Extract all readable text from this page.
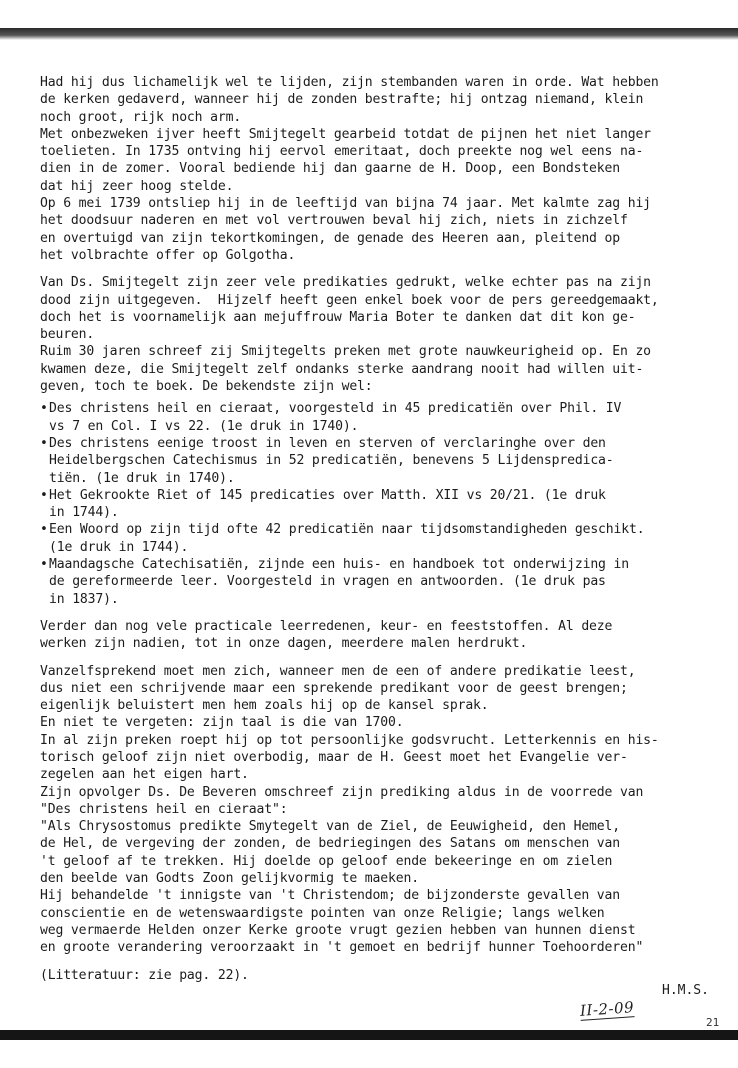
Had hij dus lichamelijk wel te lijden, zijn stembanden waren in orde. Wat hebben
de kerken gedaverd, wanneer hij de zonden bestrafte; hij ontzag niemand, klein
noch groot, rijk noch arm.
Met onbezweken ijver heeft Smijtegelt gearbeid totdat de pijnen het niet langer
toelieten. In 1735 ontving hij eervol emeritaat, doch preekte nog wel eens na-
dien in de zomer. Vooral bediende hij dan gaarne de H. Doop, een Bondsteken
dat hij zeer hoog stelde.
Op 6 mei 1739 ontsliep hij in de leeftijd van bijna 74 jaar. Met kalmte zag hij
het doodsuur naderen en met vol vertrouwen beval hij zich, niets in zichzelf
en overtuigd van zijn tekortkomingen, de genade des Heeren aan, pleitend op
het volbrachte offer op Golgotha.
Van Ds. Smijtegelt zijn zeer vele predikaties gedrukt, welke echter pas na zijn
dood zijn uitgegeven.  Hijzelf heeft geen enkel boek voor de pers gereedgemaakt,
doch het is voornamelijk aan mejuffrouw Maria Boter te danken dat dit kon ge-
beuren.
Ruim 30 jaren schreef zij Smijtegelts preken met grote nauwkeurigheid op. En zo
kwamen deze, die Smijtegelt zelf ondanks sterke aandrang nooit had willen uit-
geven, toch te boek. De bekendste zijn wel:
•Des christens heil en cieraat, voorgesteld in 45 predicatiën over Phil. IV
vs 7 en Col. I vs 22. (1e druk in 1740).
•Des christens eenige troost in leven en sterven of verclaringhe over den
Heidelbergschen Catechismus in 52 predicatiën, benevens 5 Lijdenspredica-
tiën. (1e druk in 1740).
•Het Gekrookte Riet of 145 predicaties over Matth. XII vs 20/21. (1e druk
in 1744).
•Een Woord op zijn tijd ofte 42 predicatiën naar tijdsomstandigheden geschikt.
(1e druk in 1744).
•Maandagsche Catechisatiën, zijnde een huis- en handboek tot onderwijzing in
de gereformeerde leer. Voorgesteld in vragen en antwoorden. (1e druk pas
in 1837).
Verder dan nog vele practicale leerredenen, keur- en feeststoffen. Al deze
werken zijn nadien, tot in onze dagen, meerdere malen herdrukt.
Vanzelfsprekend moet men zich, wanneer men de een of andere predikatie leest,
dus niet een schrijvende maar een sprekende predikant voor de geest brengen;
eigenlijk beluistert men hem zoals hij op de kansel sprak.
En niet te vergeten: zijn taal is die van 1700.
In al zijn preken roept hij op tot persoonlijke godsvrucht. Letterkennis en his-
torisch geloof zijn niet overbodig, maar de H. Geest moet het Evangelie ver-
zegelen aan het eigen hart.
Zijn opvolger Ds. De Beveren omschreef zijn prediking aldus in de voorrede van
"Des christens heil en cieraat":
"Als Chrysostomus predikte Smytegelt van de Ziel, de Eeuwigheid, den Hemel,
de Hel, de vergeving der zonden, de bedriegingen des Satans om menschen van
't geloof af te trekken. Hij doelde op geloof ende bekeeringe en om zielen
den beelde van Godts Zoon gelijkvormig te maeken.
Hij behandelde 't innigste van 't Christendom; de bijzonderste gevallen van
conscientie en de wetenswaardigste pointen van onze Religie; langs welken
weg vermaerde Helden onzer Kerke groote vrugt gezien hebben van hunnen dienst
en groote verandering veroorzaakt in 't gemoet en bedrijf hunner Toehoorderen"
(Litteratuur: zie pag. 22).
H.M.S.
II-2-09
21
